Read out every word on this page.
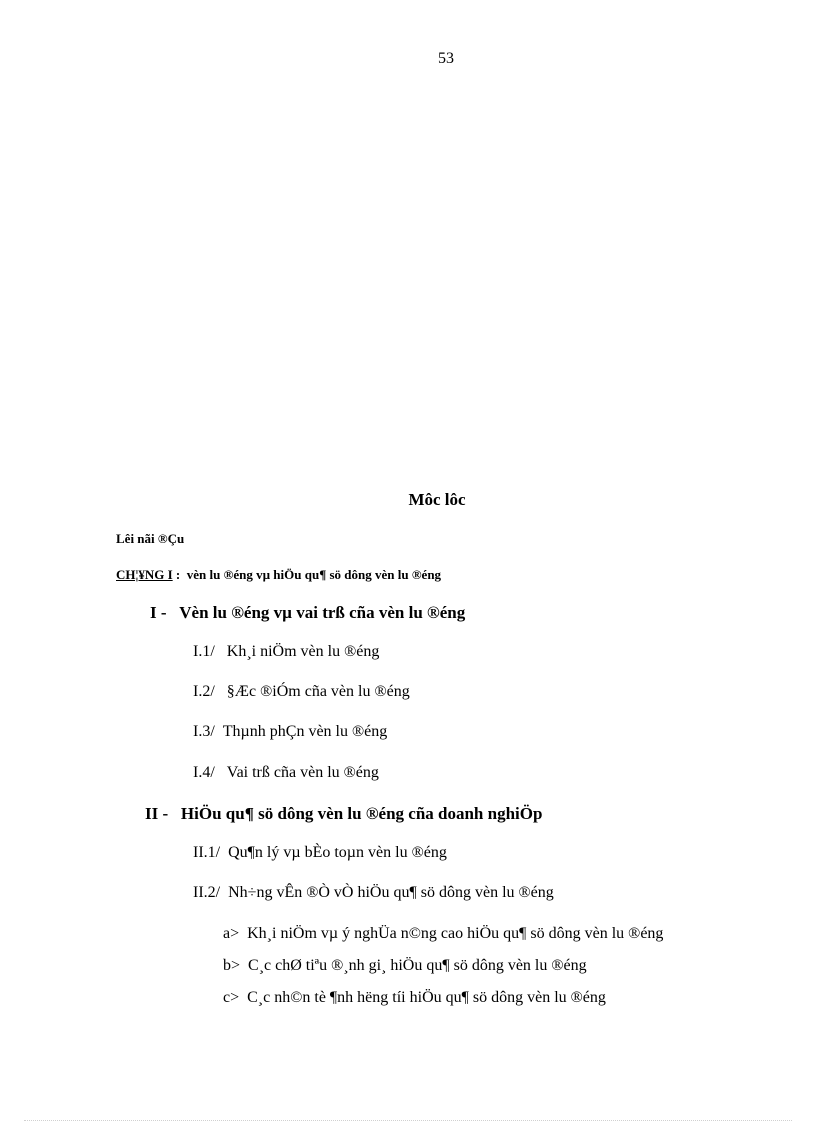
53
Môc lôc
Lêi nãi ®Çu
CH¦¥NG I : vèn lu ®éng vµ hiÖu qu¶ sö dông vèn lu ®éng
I - Vèn lu ®éng vµ vai trß cña vèn lu ®éng
I.1/ Kh¸i niÖm vèn lu ®éng
I.2/ §Æc ®iÓm cña vèn lu ®éng
I.3/ Thµnh phÇn vèn lu ®éng
I.4/ Vai trß cña vèn lu ®éng
II - HiÖu qu¶ sö dông vèn lu ®éng cña doanh nghiÖp
II.1/ Qu¶n lý vµ bÈo toµn vèn lu ®éng
II.2/ Nh÷ng vÊn ®Ò vÒ hiÖu qu¶ sö dông vèn lu ®éng
a> Kh¸i niÖm vµ ý nghÜa n©ng cao hiÖu qu¶ sö dông vèn lu ®éng
b> C¸c chØ tiªu ®¸nh gi¸ hiÖu qu¶ sö dông vèn lu ®éng
c> C¸c nh©n tè ¶nh hëng tíi hiÖu qu¶ sö dông vèn lu ®éng
